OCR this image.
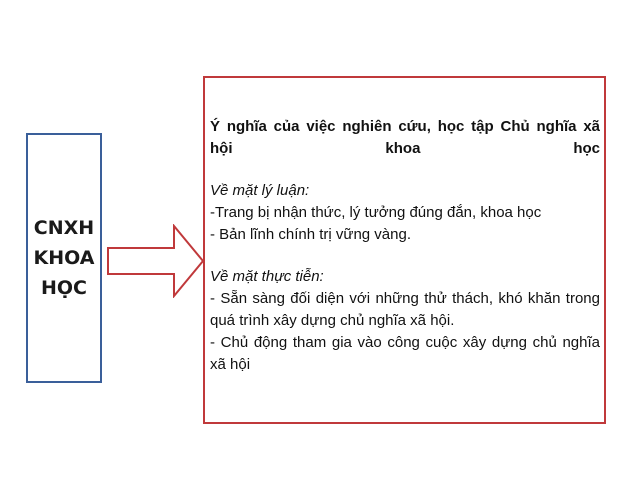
CNXH
KHOA
HỌC

Ý nghĩa của việc nghiên cứu, học tập Chủ nghĩa xã hội khoa học

Về mặt lý luận:

-Trang bị nhận thức, lý tưởng đúng đắn, khoa học

- Bản lĩnh chính trị vững vàng.

Về mặt thực tiễn:

- Sẵn sàng đối diện với những thử thách, khó khăn trong quá trình xây dựng chủ nghĩa xã hội.

- Chủ động tham gia vào công cuộc xây dựng chủ nghĩa xã hội
